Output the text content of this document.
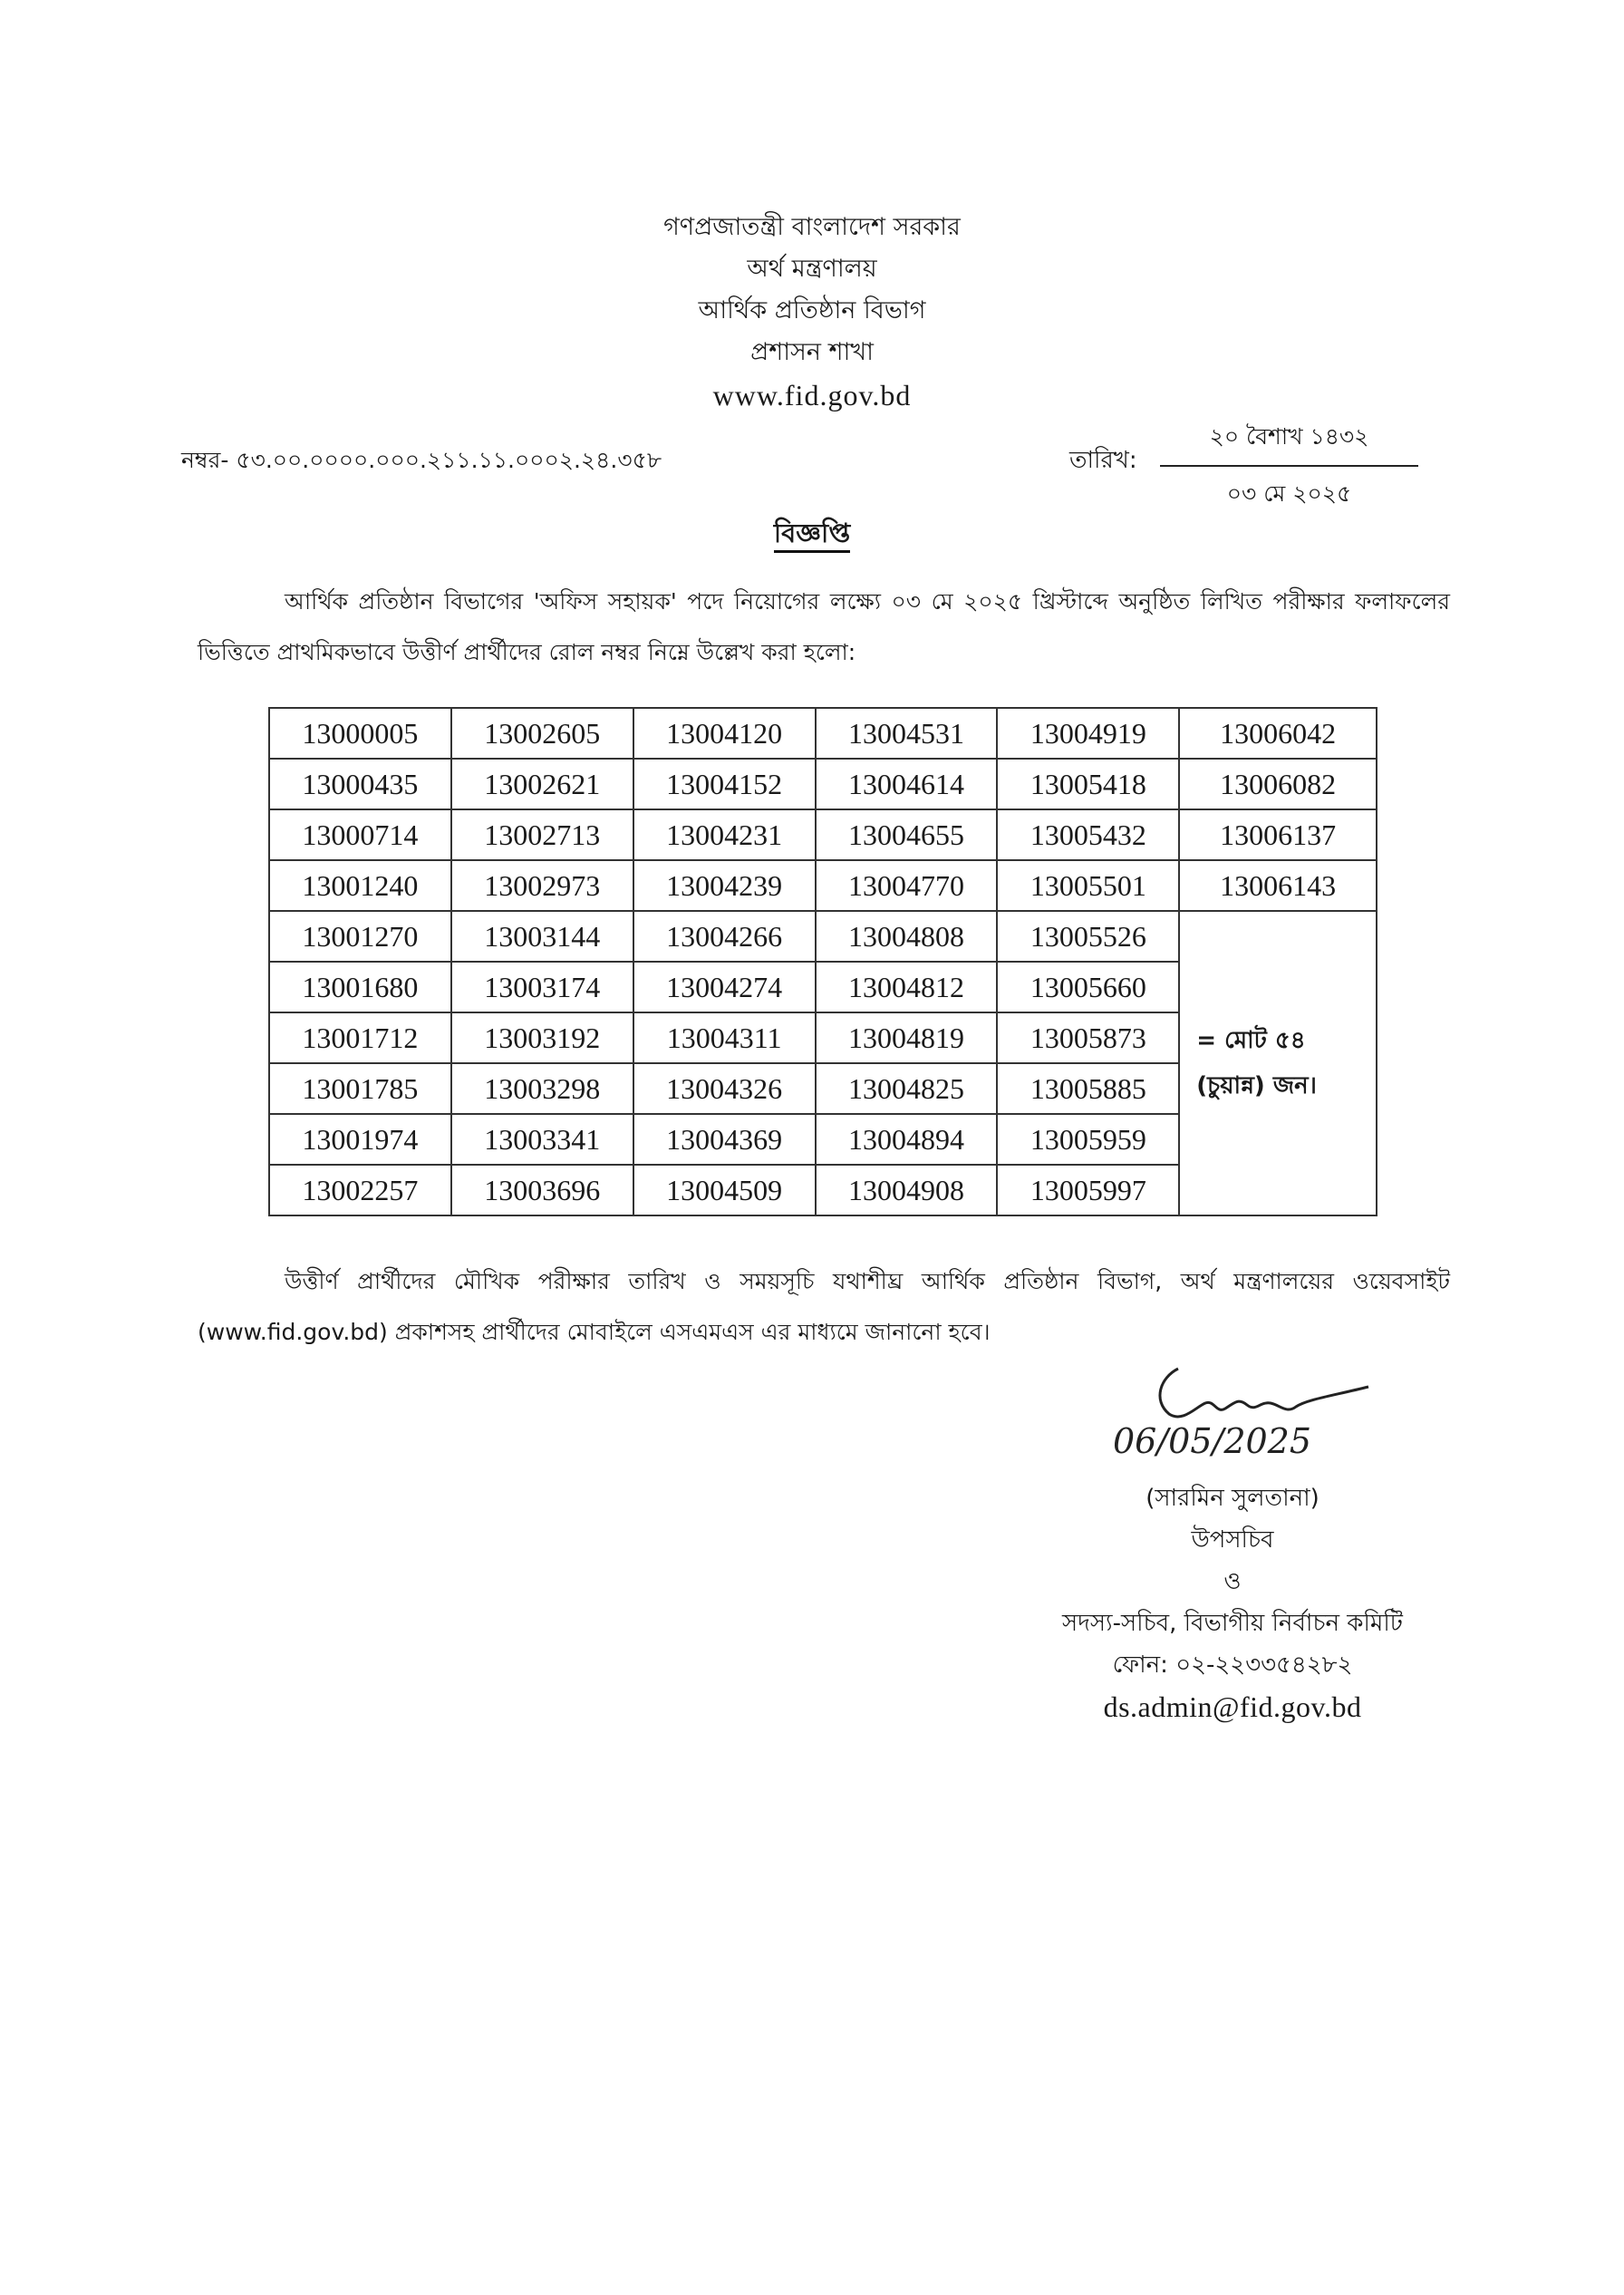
গণপ্রজাতন্ত্রী বাংলাদেশ সরকার
অর্থ মন্ত্রণালয়
আর্থিক প্রতিষ্ঠান বিভাগ
প্রশাসন শাখা
www.fid.gov.bd
নম্বর- ৫৩.০০.০০০০.০০০.২১১.১১.০০০২.২৪.৩৫৮	তারিখ:
২০ বৈশাখ ১৪৩২
০৩ মে ২০২৫
বিজ্ঞপ্তি
আর্থিক প্রতিষ্ঠান বিভাগের 'অফিস সহায়ক' পদে নিয়োগের লক্ষ্যে ০৩ মে ২০২৫ খ্রিস্টাব্দে অনুষ্ঠিত লিখিত পরীক্ষার ফলাফলের ভিত্তিতে প্রাথমিকভাবে উত্তীর্ণ প্রার্থীদের রোল নম্বর নিম্নে উল্লেখ করা হলো:
13000005	13002605	13004120	13004531	13004919	13006042
13000435	13002621	13004152	13004614	13005418	13006082
13000714	13002713	13004231	13004655	13005432	13006137
13001240	13002973	13004239	13004770	13005501	13006143
13001270	13003144	13004266	13004808	13005526	= মোট ৫৪
(চুয়ান্ন) জন।

13001680	13003174	13004274	13004812	13005660	
13001712	13003192	13004311	13004819	13005873	
13001785	13003298	13004326	13004825	13005885	
13001974	13003341	13004369	13004894	13005959	
13002257	13003696	13004509	13004908	13005997	
উত্তীর্ণ প্রার্থীদের মৌখিক পরীক্ষার তারিখ ও সময়সূচি যথাশীঘ্র আর্থিক প্রতিষ্ঠান বিভাগ, অর্থ মন্ত্রণালয়ের ওয়েবসাইট (www.fid.gov.bd) প্রকাশসহ প্রার্থীদের মোবাইলে এসএমএস এর মাধ্যমে জানানো হবে।
06/05/2025
(সারমিন সুলতানা)
উপসচিব
ও
সদস্য-সচিব, বিভাগীয় নির্বাচন কমিটি
ফোন: ০২-২২৩৩৫৪২৮২
ds.admin@fid.gov.bd
